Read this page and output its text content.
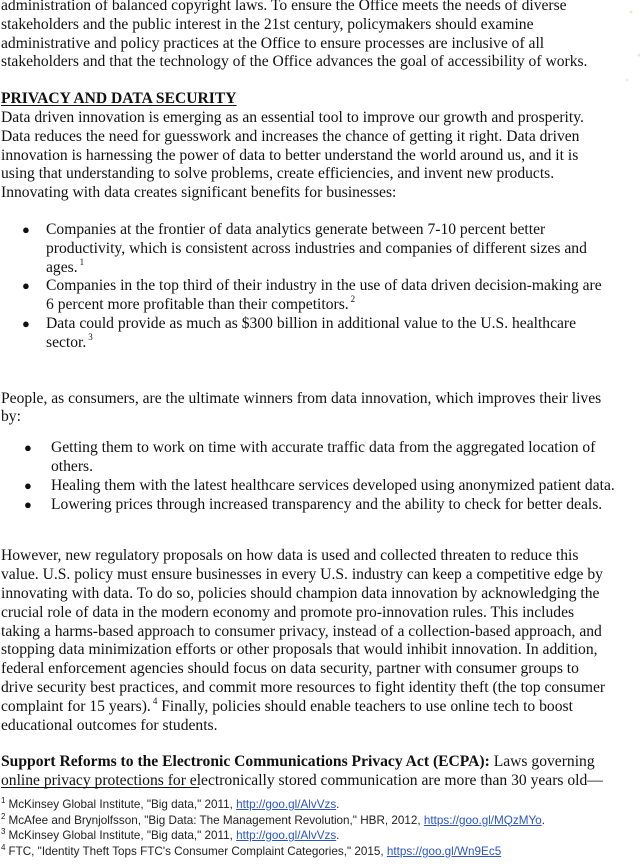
administration of balanced copyright laws. To ensure the Office meets the needs of diverse
stakeholders and the public interest in the 21st century, policymakers should examine
administrative and policy practices at the Office to ensure processes are inclusive of all
stakeholders and that the technology of the Office advances the goal of accessibility of works.

PRIVACY AND DATA SECURITY

Data driven innovation is emerging as an essential tool to improve our growth and prosperity.
Data reduces the need for guesswork and increases the chance of getting it right. Data driven
innovation is harnessing the power of data to better understand the world around us, and it is
using that understanding to solve problems, create efficiencies, and invent new products.
Innovating with data creates significant benefits for businesses:

● Companies at the frontier of data analytics generate between 7-10 percent better
productivity, which is consistent across industries and companies of different sizes and
ages. $^1$
● Companies in the top third of their industry in the use of data driven decision-making are
6 percent more profitable than their competitors. $^2$
● Data could provide as much as $300 billion in additional value to the U.S. healthcare
sector. $^3$

People, as consumers, are the ultimate winners from data innovation, which improves their lives
by:

● Getting them to work on time with accurate traffic data from the aggregated location of
others.
● Healing them with the latest healthcare services developed using anonymized patient data.
● Lowering prices through increased transparency and the ability to check for better deals.

However, new regulatory proposals on how data is used and collected threaten to reduce this
value. U.S. policy must ensure businesses in every U.S. industry can keep a competitive edge by
innovating with data. To do so, policies should champion data innovation by acknowledging the
crucial role of data in the modern economy and promote pro-innovation rules. This includes
taking a harms-based approach to consumer privacy, instead of a collection-based approach, and
stopping data minimization efforts or other proposals that would inhibit innovation. In addition,
federal enforcement agencies should focus on data security, partner with consumer groups to
drive security best practices, and commit more resources to fight identity theft (the top consumer
complaint for 15 years). $^4$ Finally, policies should enable teachers to use online tech to boost
educational outcomes for students.

Support Reforms to the Electronic Communications Privacy Act (ECPA): Laws governing
online privacy protections for electronically stored communication are more than 30 years old—

$^1$ McKinsey Global Institute, "Big data," 2011, http://goo.gl/AlvVzs.
$^2$ McAfee and Brynjolfsson, "Big Data: The Management Revolution," HBR, 2012, https://goo.gl/MQzMYo.
$^3$ McKinsey Global Institute, "Big data," 2011, http://goo.gl/AlvVzs.
$^4$ FTC, "Identity Theft Tops FTC's Consumer Complaint Categories," 2015, https://goo.gl/Wn9Ec5
